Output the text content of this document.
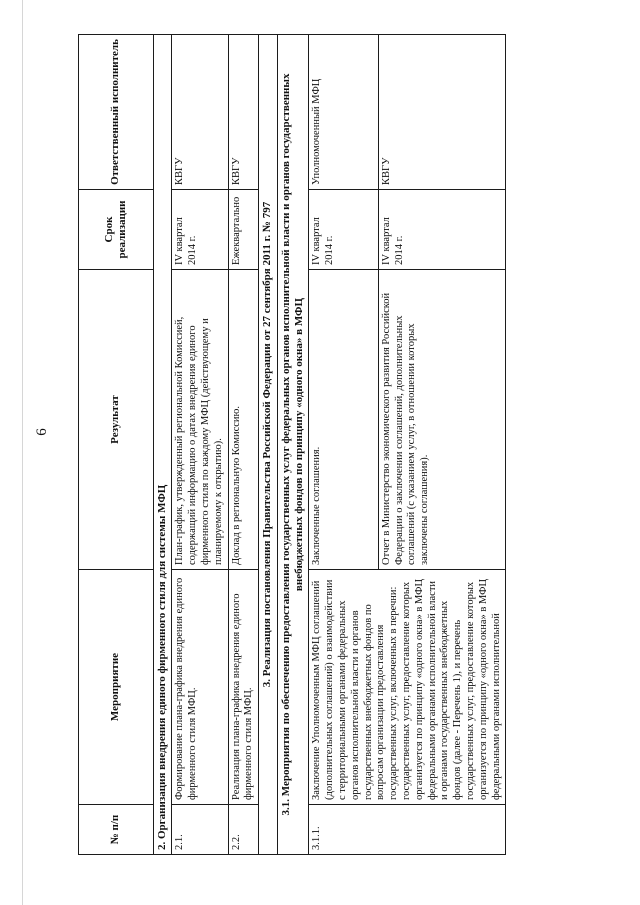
6
№ п/п	Мероприятие	Результат	Срок реализации	Ответственный исполнитель
2. Организация внедрения единого фирменного стиля для системы МФЦ				
2.1.	Формирование плана-графика внедрения единого фирменного стиля МФЦ.	План-график, утвержденный региональной Комиссией, содержащий информацию о датах внедрения единого фирменного стиля по каждому МФЦ (действующему и планируемому к открытию).	IV квартал 2014 г.	КВГУ
2.2.	Реализация плана-графика внедрения единого фирменного стиля МФЦ.	Доклад в региональную Комиссию.	Ежеквартально	КВГУ
3. Реализация постановления Правительства Российской Федерации от 27 сентября 2011 г. № 797				
3.1. Мероприятия по обеспечению предоставления государственных услуг федеральных органов исполнительной власти и органов государственных внебюджетных фондов по принципу «одного окна» в МФЦ				
3.1.1.	Заключение Уполномоченным МФЦ соглашений (дополнительных соглашений) о взаимодействии с территориальными органами федеральных органов исполнительной власти и органов государственных внебюджетных фондов по вопросам организации предоставления государственных услуг, включенных в перечни: государственных услуг, предоставление которых организуется по принципу «одного окна» в МФЦ федеральными органами исполнительной власти и органами государственных внебюджетных фондов (далее - Перечень 1), и перечень государственных услуг, предоставление которых организуется по принципу «одного окна» в МФЦ федеральными органами исполнительной	Заключенные соглашения.	IV квартал 2014 г.	Уполномоченный МФЦ
		Отчет в Министерство экономического развития Российской Федерации о заключении соглашений, дополнительных соглашений (с указанием услуг, в отношении которых заключены соглашения).	IV квартал 2014 г.	КВГУ
